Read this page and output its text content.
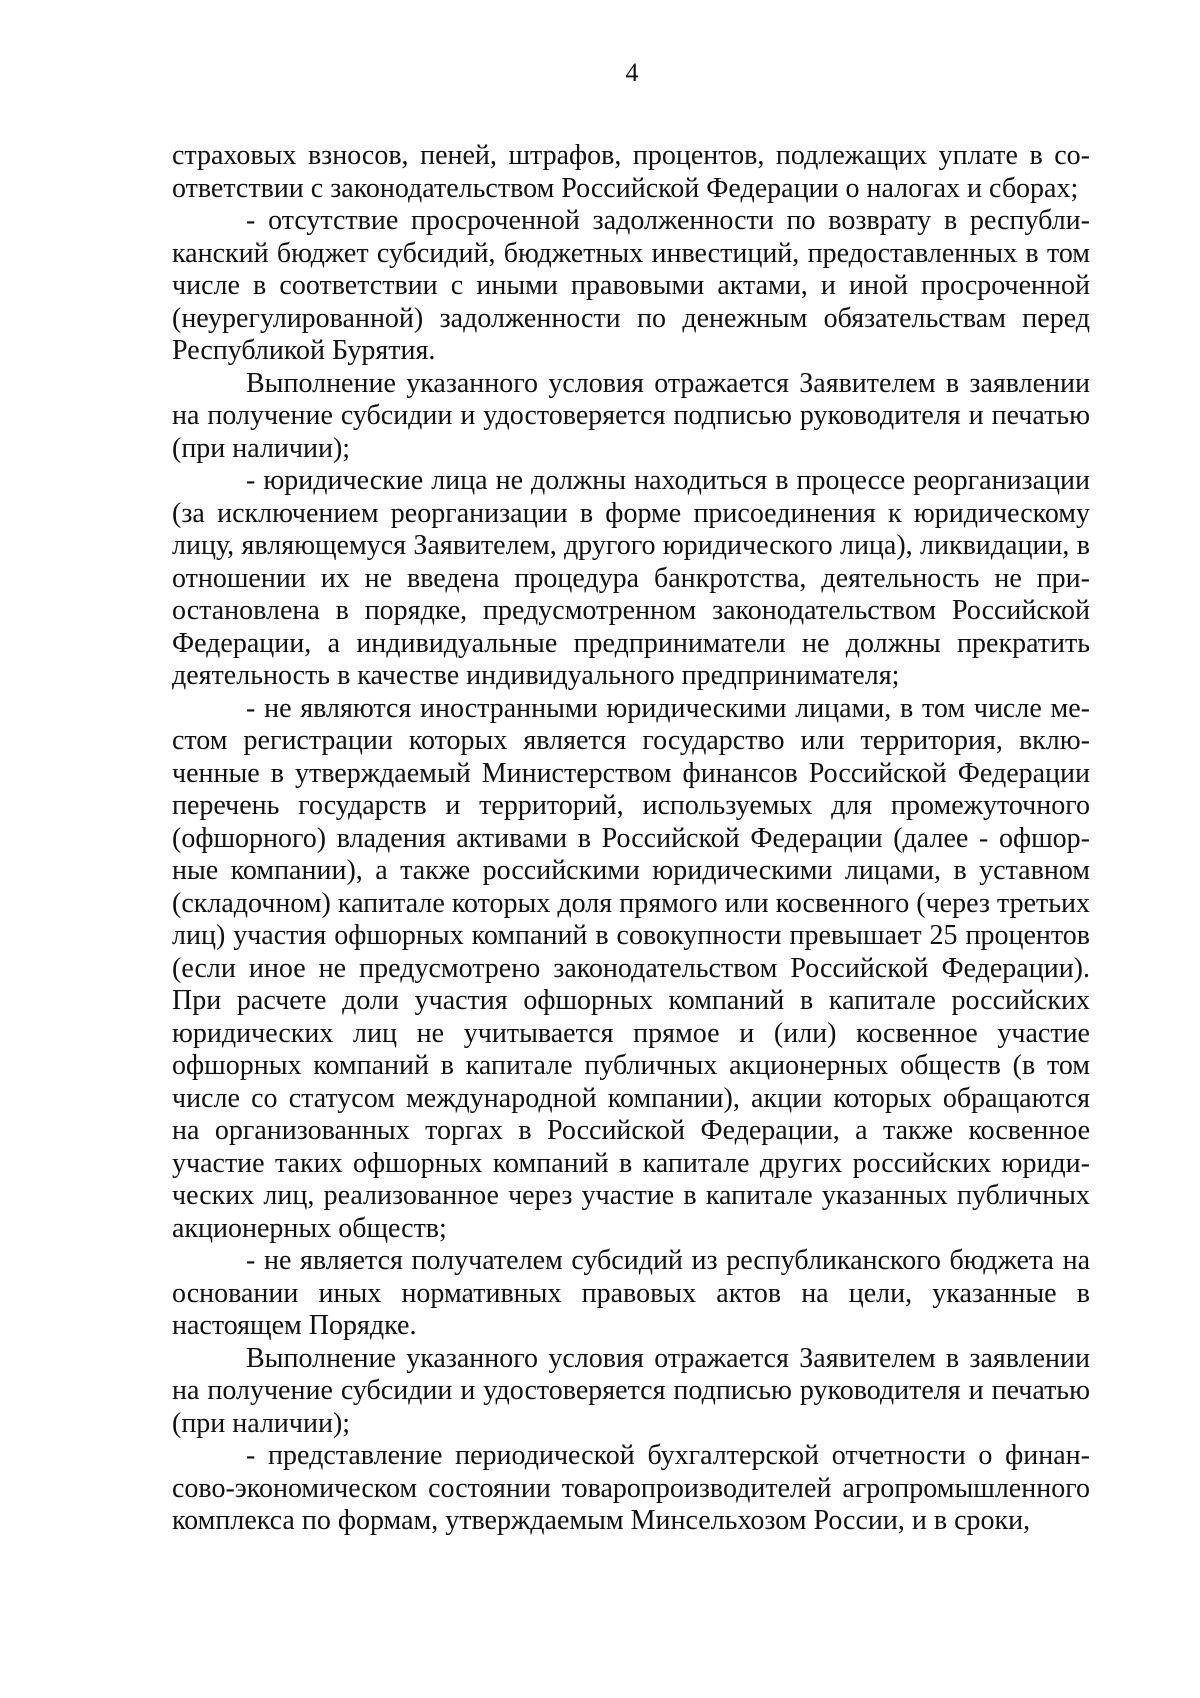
4

страховых взносов, пеней, штрафов, процентов, подлежащих уплате в соответствии с законодательством Российской Федерации о налогах и сборах;

- отсутствие просроченной задолженности по возврату в республиканский бюджет субсидий, бюджетных инвестиций, предоставленных в том числе в соответствии с иными правовыми актами, и иной просроченной (неурегулированной) задолженности по денежным обязательствам перед Республикой Бурятия.

Выполнение указанного условия отражается Заявителем в заявлении на получение субсидии и удостоверяется подписью руководителя и печатью (при наличии);

- юридические лица не должны находиться в процессе реорганизации (за исключением реорганизации в форме присоединения к юридическому лицу, являющемуся Заявителем, другого юридического лица), ликвидации, в отношении их не введена процедура банкротства, деятельность не приостановлена в порядке, предусмотренном законодательством Российской Федерации, а индивидуальные предприниматели не должны прекратить деятельность в качестве индивидуального предпринимателя;

- не являются иностранными юридическими лицами, в том числе местом регистрации которых является государство или территория, включенные в утверждаемый Министерством финансов Российской Федерации перечень государств и территорий, используемых для промежуточного (офшорного) владения активами в Российской Федерации (далее - офшорные компании), а также российскими юридическими лицами, в уставном (складочном) капитале которых доля прямого или косвенного (через третьих лиц) участия офшорных компаний в совокупности превышает 25 процентов (если иное не предусмотрено законодательством Российской Федерации). При расчете доли участия офшорных компаний в капитале российских юридических лиц не учитывается прямое и (или) косвенное участие офшорных компаний в капитале публичных акционерных обществ (в том числе со статусом международной компании), акции которых обращаются на организованных торгах в Российской Федерации, а также косвенное участие таких офшорных компаний в капитале других российских юридических лиц, реализованное через участие в капитале указанных публичных акционерных обществ;

- не является получателем субсидий из республиканского бюджета на основании иных нормативных правовых актов на цели, указанные в настоящем Порядке.

Выполнение указанного условия отражается Заявителем в заявлении на получение субсидии и удостоверяется подписью руководителя и печатью (при наличии);

- представление периодической бухгалтерской отчетности о финансово-экономическом состоянии товаропроизводителей агропромышленного комплекса по формам, утверждаемым Минсельхозом России, и в сроки,
